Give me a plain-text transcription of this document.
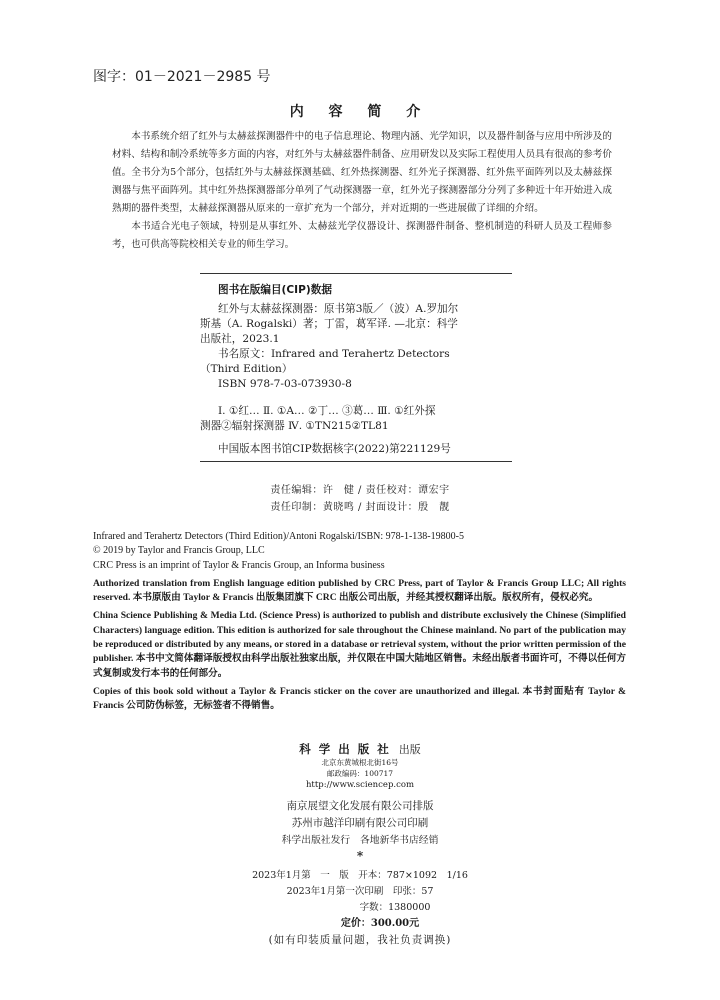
图字：01－2021－2985 号
内 容 简 介

本书系统介绍了红外与太赫兹探测器件中的电子信息理论、物理内涵、光学知识，以及器件制备与应用中所涉及的材料、结构和制冷系统等多方面的内容，对红外与太赫兹器件制备、应用研发以及实际工程使用人员具有很高的参考价值。全书分为5个部分，包括红外与太赫兹探测基础、红外热探测器、红外光子探测器、红外焦平面阵列以及太赫兹探测器与焦平面阵列。其中红外热探测器部分单列了气动探测器一章，红外光子探测器部分分列了多种近十年开始进入成熟期的器件类型，太赫兹探测器从原来的一章扩充为一个部分，并对近期的一些进展做了详细的介绍。

本书适合光电子领域，特别是从事红外、太赫兹光学仪器设计、探测器件制备、整机制造的科研人员及工程师参考，也可供高等院校相关专业的师生学习。

图书在版编目(CIP)数据
红外与太赫兹探测器：原书第3版／（波）A.罗加尔
斯基（A. Rogalski）著；丁雷，葛军译. —北京：科学
出版社，2023.1
书名原文：Infrared and Terahertz Detectors
（Third Edition）
ISBN 978-7-03-073930-8
Ⅰ. ①红… Ⅱ. ①A… ②丁… ③葛… Ⅲ. ①红外探
测器②辐射探测器 Ⅳ. ①TN215②TL81
中国版本图书馆CIP数据核字(2022)第221129号
责任编辑：许　健 / 责任校对：谭宏宇
责任印制：黄晓鸣 / 封面设计：殷　靓
Infrared and Terahertz Detectors (Third Edition)/Antoni Rogalski/ISBN: 978-1-138-19800-5
© 2019 by Taylor and Francis Group, LLC
CRC Press is an imprint of Taylor & Francis Group, an Informa business
Authorized translation from English language edition published by CRC Press, part of Taylor & Francis Group LLC; All rights reserved. 本书原版由 Taylor & Francis 出版集团旗下 CRC 出版公司出版，并经其授权翻译出版。版权所有，侵权必究。
China Science Publishing & Media Ltd. (Science Press) is authorized to publish and distribute exclusively the Chinese (Simplified Characters) language edition. This edition is authorized for sale throughout the Chinese mainland. No part of the publication may be reproduced or distributed by any means, or stored in a database or retrieval system, without the prior written permission of the publisher. 本书中文简体翻译版授权由科学出版社独家出版，并仅限在中国大陆地区销售。未经出版者书面许可，不得以任何方式复制或发行本书的任何部分。
Copies of this book sold without a Taylor & Francis sticker on the cover are unauthorized and illegal. 本书封面贴有 Taylor & Francis 公司防伪标签，无标签者不得销售。
科学出版社 出版
北京东黄城根北街16号
邮政编码：100717
http://www.sciencep.com
南京展望文化发展有限公司排版
苏州市越洋印刷有限公司印刷
科学出版社发行　各地新华书店经销
*
2023年1月第　一　版　开本：787×1092　1/16
2023年1月第一次印刷　印张：57
字数：1380000
定价：300.00元
(如有印装质量问题，我社负责调换)
